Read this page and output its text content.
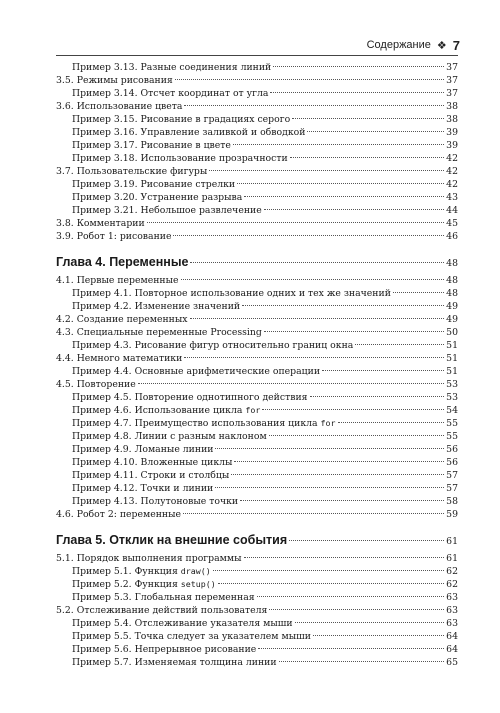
Содержание ❖ 7
Пример 3.13. Разные соединения линий	37
3.5. Режимы рисования	37
Пример 3.14. Отсчет координат от угла	37
3.6. Использование цвета	38
Пример 3.15. Рисование в градациях серого	38
Пример 3.16. Управление заливкой и обводкой	39
Пример 3.17. Рисование в цвете	39
Пример 3.18. Использование прозрачности	42
3.7. Пользовательские фигуры	42
Пример 3.19. Рисование стрелки	42
Пример 3.20. Устранение разрыва	43
Пример 3.21. Небольшое развлечение	44
3.8. Комментарии	45
3.9. Робот 1: рисование	46
Глава 4. Переменные	48
4.1. Первые переменные	48
Пример 4.1. Повторное использование одних и тех же значений	48
Пример 4.2. Изменение значений	49
4.2. Создание переменных	49
4.3. Специальные переменные Processing	50
Пример 4.3. Рисование фигур относительно границ окна	51
4.4. Немного математики	51
Пример 4.4. Основные арифметические операции	51
4.5. Повторение	53
Пример 4.5. Повторение однотипного действия	53
Пример 4.6. Использование цикла for	54
Пример 4.7. Преимущество использования цикла for	55
Пример 4.8. Линии с разным наклоном	55
Пример 4.9. Ломаные линии	56
Пример 4.10. Вложенные циклы	56
Пример 4.11. Строки и столбцы	57
Пример 4.12. Точки и линии	57
Пример 4.13. Полутоновые точки	58
4.6. Робот 2: переменные	59
Глава 5. Отклик на внешние события	61
5.1. Порядок выполнения программы	61
Пример 5.1. Функция draw()	62
Пример 5.2. Функция setup()	62
Пример 5.3. Глобальная переменная	63
5.2. Отслеживание действий пользователя	63
Пример 5.4. Отслеживание указателя мыши	63
Пример 5.5. Точка следует за указателем мыши	64
Пример 5.6. Непрерывное рисование	64
Пример 5.7. Изменяемая толщина линии	65
